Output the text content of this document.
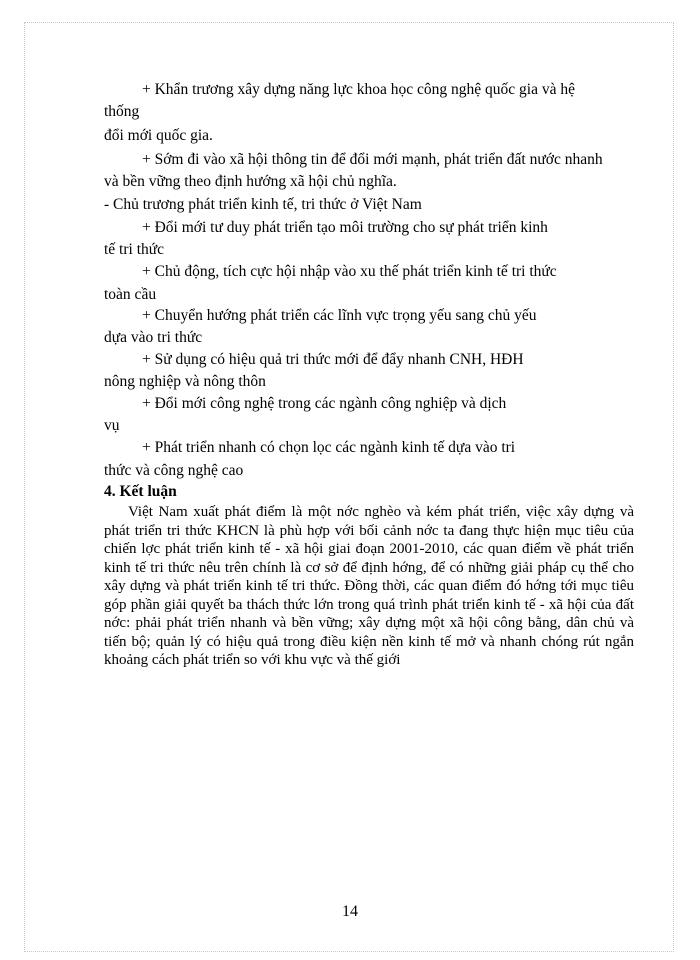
+ Khẩn trương xây dựng năng lực khoa học công nghệ quốc gia và hệ
thống
đổi mới quốc gia.
+ Sớm đi vào xã hội thông tin để đổi mới mạnh, phát triển đất nước nhanh
và bền vững theo định hướng xã hội chủ nghĩa.
- Chủ trương phát triển kinh tế, tri thức ở Việt Nam
+ Đổi mới tư duy phát triển tạo môi trường cho sự phát triển kinh
tế tri thức
+ Chủ động, tích cực hội nhập vào xu thế phát triển kinh tế tri thức
toàn cầu
+ Chuyển hướng phát triển các lĩnh vực trọng yếu sang chủ yếu
dựa vào tri thức
+ Sử dụng có hiệu quả tri thức mới để đẩy nhanh CNH, HĐH
nông nghiệp và nông thôn
+ Đổi mới công nghệ trong các ngành công nghiệp và dịch
vụ
+ Phát triển nhanh có chọn lọc các ngành kinh tế dựa vào tri
thức và công nghệ cao
4. Kết luận
Việt Nam xuất phát điểm là một nớc nghèo và kém phát triển, việc xây dựng và phát triển tri thức KHCN là phù hợp với bối cảnh nớc ta đang thực hiện mục tiêu của chiến lợc phát triển kinh tế - xã hội giai đoạn 2001-2010, các quan điểm về phát triển kinh tế tri thức nêu trên chính là cơ sở để định hớng, để có những giải pháp cụ thể cho xây dựng và phát triển kinh tế tri thức. Đồng thời, các quan điểm đó hớng tới mục tiêu góp phần giải quyết ba thách thức lớn trong quá trình phát triển kinh tế - xã hội của đất nớc: phải phát triển nhanh và bền vững; xây dựng một xã hội công bằng, dân chủ và tiến bộ; quản lý có hiệu quả trong điều kiện nền kinh tế mở và nhanh chóng rút ngắn khoảng cách phát triển so với khu vực và thế giới
14
